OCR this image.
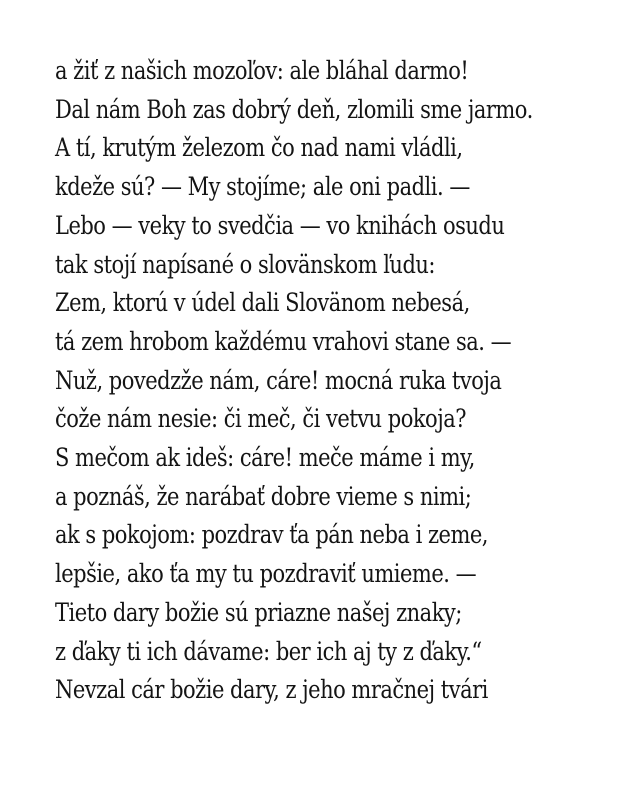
a žiť z našich mozoľov: ale bláhal darmo!
Dal nám Boh zas dobrý deň, zlomili sme jarmo.
A tí, krutým železom čo nad nami vládli,
kdeže sú? — My stojíme; ale oni padli. —
Lebo — veky to svedčia — vo knihách osudu
tak stojí napísané o slovänskom ľudu:
Zem, ktorú v údel dali Slovänom nebesá,
tá zem hrobom každému vrahovi stane sa. —
Nuž, povedzže nám, cáre! mocná ruka tvoja
čože nám nesie: či meč, či vetvu pokoja?
S mečom ak ideš: cáre! meče máme i my,
a poznáš, že narábať dobre vieme s nimi;
ak s pokojom: pozdrav ťa pán neba i zeme,
lepšie, ako ťa my tu pozdraviť umieme. —
Tieto dary božie sú priazne našej znaky;
z ďaky ti ich dávame: ber ich aj ty z ďaky.“
Nevzal cár božie dary, z jeho mračnej tvári
